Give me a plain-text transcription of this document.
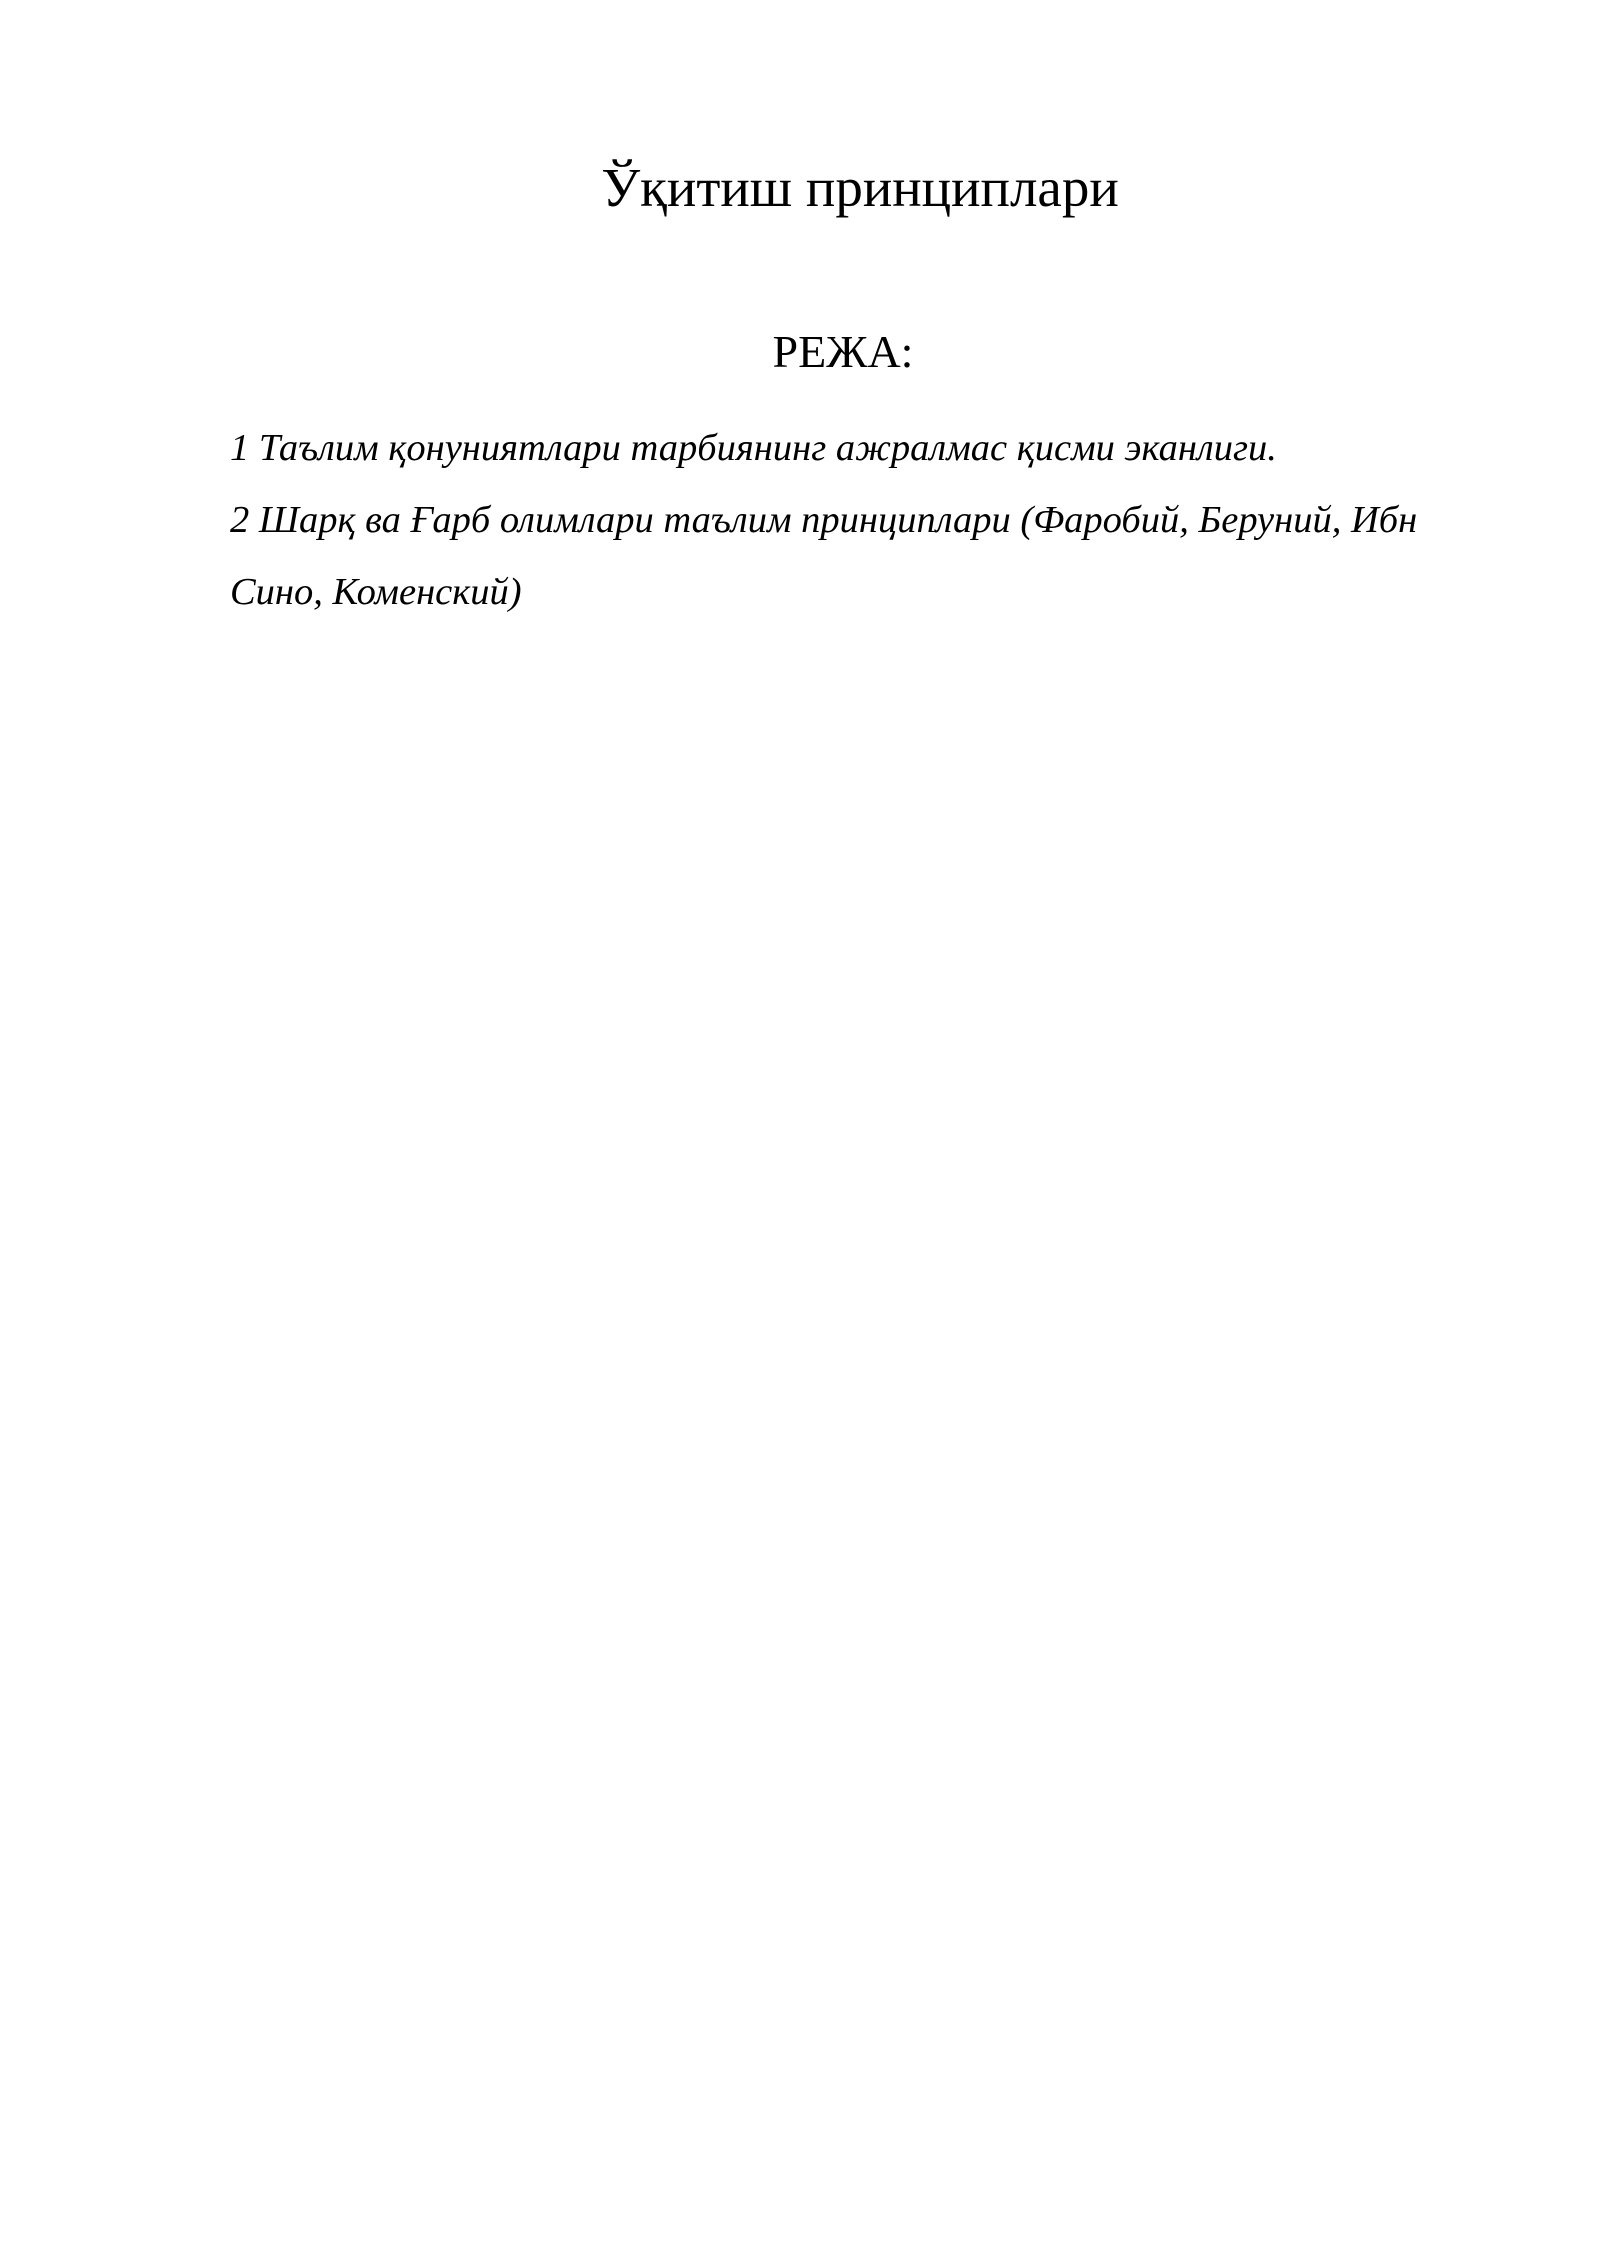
Ўқитиш принциплари
РЕЖА:
1 Таълим қонуниятлари тарбиянинг ажралмас қисми эканлиги.
2 Шарқ ва Ғарб олимлари таълим принциплари (Фаробий, Беруний, Ибн Сино, Коменский)
